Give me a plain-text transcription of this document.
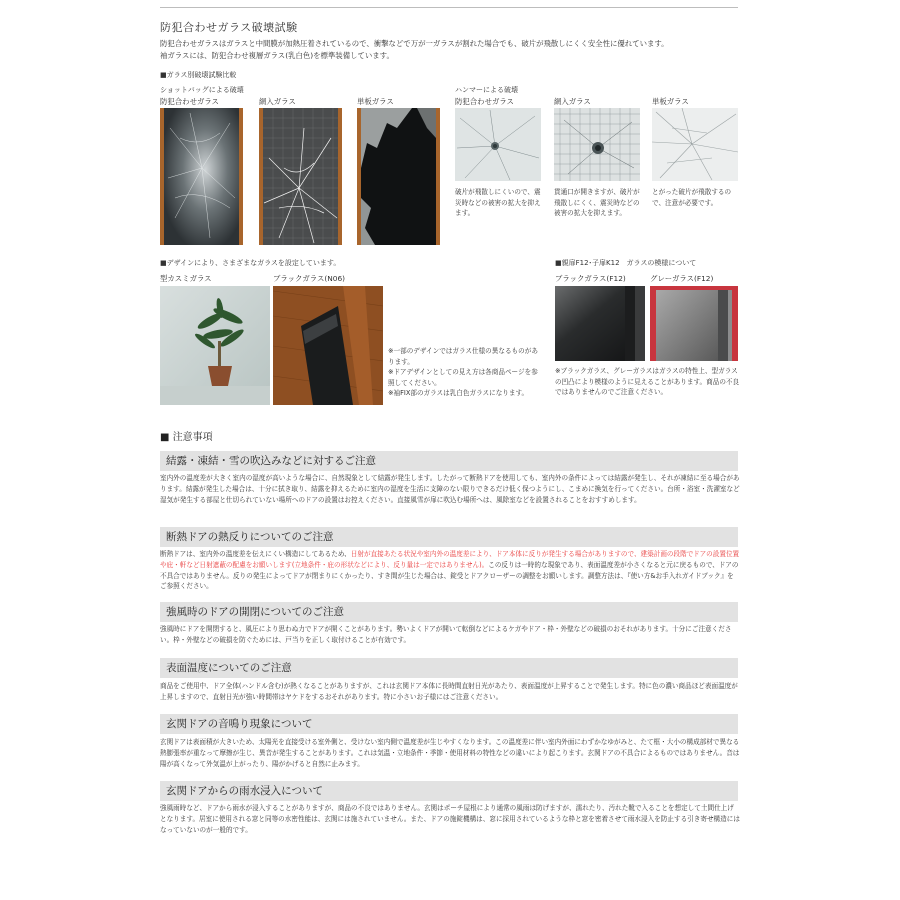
防犯合わせガラス破壊試験
防犯合わせガラスはガラスと中間膜が加熱圧着されているので、衝撃などで万が一ガラスが割れた場合でも、破片が飛散しにくく安全性に優れています。
袖ガラスには、防犯合わせ複層ガラス(乳白色)を標準装備しています。
■ガラス別破壊試験比較
ショットバッグによる破壊
防犯合わせガラス	網入ガラス	単板ガラス
ハンマーによる破壊
防犯合わせガラス	網入ガラス	単板ガラス
破片が飛散しにくいので、震災時などの被害の拡大を抑えます。
貫通口が開きますが、破片が飛散しにくく、震災時などの被害の拡大を抑えます。
とがった破片が飛散するので、注意が必要です。
■デザインにより、さまざまなガラスを設定しています。
型カスミガラス	ブラックガラス(N06)
※一部のデザインではガラス仕様の異なるものがあります。
※ドアデザインとしての見え方は各商品ページを参照してください。
※袖FIX部のガラスは乳白色ガラスになります。
■親扉F12･子扉K12　ガラスの模様について
ブラックガラス(F12)	グレーガラス(F12)
※ブラックガラス、グレーガラスはガラスの特性上、型ガラスの凹凸により模様のように見えることがあります。商品の不良ではありませんのでご注意ください。
■ 注意事項
結露・凍結・雪の吹込みなどに対するご注意
室内外の温度差が大きく室内の湿度が高いような場合に、自然現象として結露が発生します。したがって断熱ドアを使用しても、室内外の条件によっては結露が発生し、それが凍結に至る場合があります。結露が発生した場合は、十分に拭き取り、結露を抑えるために室内の湿度を生活に支障のない限りできるだけ低く保つようにし、こまめに換気を行ってください。台所・浴室・洗濯室など湿気が発生する部屋と仕切られていない場所へのドアの設置はお控えください。直接風雪が扉に吹込む場所へは、風除室などを設置されることをおすすめします。
断熱ドアの熱反りについてのご注意
断熱ドアは、室内外の温度差を伝えにくい構造にしてあるため、日射が直接あたる状況や室内外の温度差により、ドア本体に反りが発生する場合がありますので、建築計画の段階でドアの設置位置や庇・軒など日射遮蔽の配慮をお願いします(立地条件・庇の形状などにより、反り量は一定ではありません)。この反りは一時的な現象であり、表面温度差が小さくなると元に戻るもので、ドアの不具合ではありません。反りの発生によってドアが閉まりにくかったり、すき間が生じた場合は、錠受とドアクローザーの調整をお願いします。調整方法は、『使い方&お手入れガイドブック』をご参照ください。
強風時のドアの開閉についてのご注意
強風時にドアを開閉すると、風圧により思わぬ力でドアが開くことがあります。勢いよくドアが開いて転倒などによるケガやドア・枠・外壁などの破損のおそれがあります。十分にご注意ください。枠・外壁などの破損を防ぐためには、戸当りを正しく取付けることが有効です。
表面温度についてのご注意
商品をご使用中、ドア全体(ハンドル含む)が熱くなることがありますが、これは玄関ドア本体に長時間直射日光があたり、表面温度が上昇することで発生します。特に色の濃い商品ほど表面温度が上昇しますので、直射日光が強い時間帯はヤケドをするおそれがあります。特に小さいお子様にはご注意ください。
玄関ドアの音鳴り現象について
玄関ドアは表面積が大きいため、太陽光を直接受ける室外側と、受けない室内側で温度差が生じやすくなります。この温度差に伴い室内外面にわずかなゆがみと、たて框・大小の構成部材で異なる熱膨張率が重なって摩擦が生じ、異音が発生することがあります。これは気温・立地条件・季節・使用材料の特性などの違いにより起こります。玄関ドアの不具合によるものではありません。音は陽が高くなって外気温が上がったり、陽がかげると自然に止みます。
玄関ドアからの雨水浸入について
強風雨時など、ドアから雨水が浸入することがありますが、商品の不良ではありません。玄関はポーチ屋根により通常の風雨は防げますが、濡れたり、汚れた靴で入ることを想定して土間仕上げとなります。居室に使用される窓と同等の水密性能は、玄関には施されていません。また、ドアの施錠機構は、窓に採用されているような枠と窓を密着させて雨水浸入を防止する引き寄せ構造にはなっていないのが一般的です。
